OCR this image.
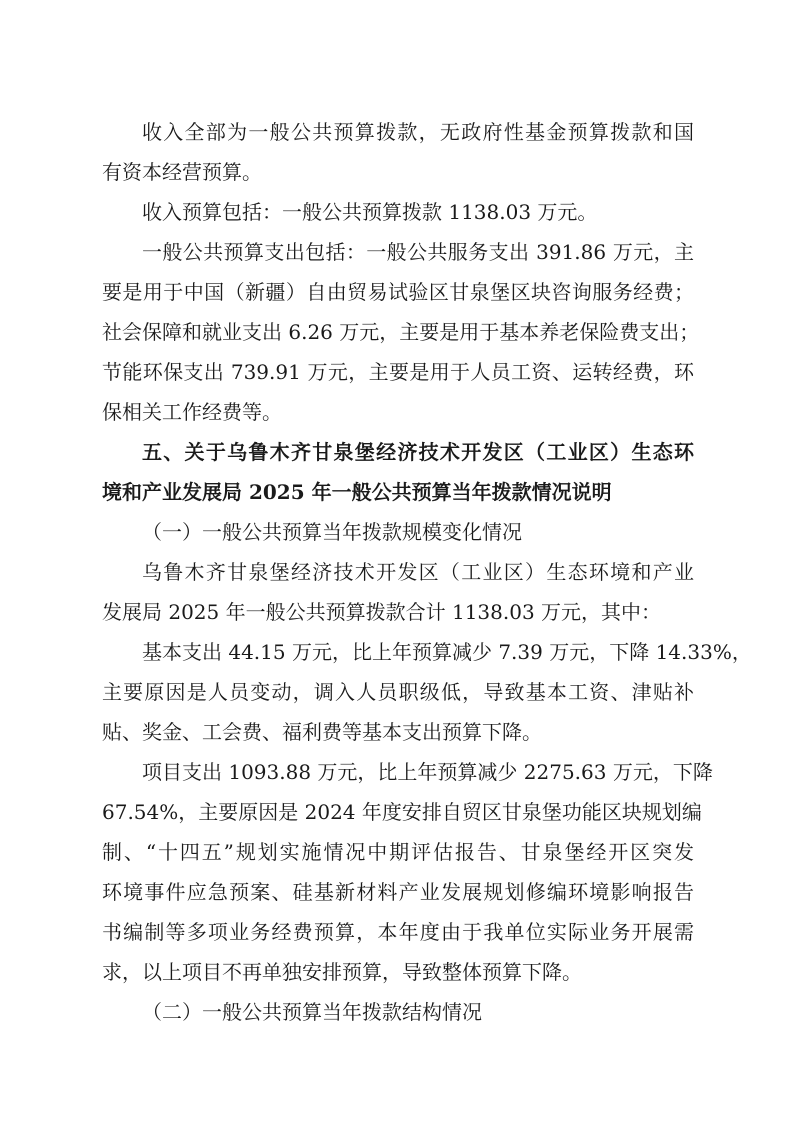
收入全部为一般公共预算拨款，无政府性基金预算拨款和国
有资本经营预算。
收入预算包括：一般公共预算拨款 1138.03 万元。
一般公共预算支出包括：一般公共服务支出 391.86 万元，主
要是用于中国（新疆）自由贸易试验区甘泉堡区块咨询服务经费；
社会保障和就业支出 6.26 万元，主要是用于基本养老保险费支出；
节能环保支出 739.91 万元，主要是用于人员工资、运转经费，环
保相关工作经费等。
五、关于乌鲁木齐甘泉堡经济技术开发区（工业区）生态环
境和产业发展局 2025 年一般公共预算当年拨款情况说明
（一）一般公共预算当年拨款规模变化情况
乌鲁木齐甘泉堡经济技术开发区（工业区）生态环境和产业
发展局 2025 年一般公共预算拨款合计 1138.03 万元，其中：
基本支出 44.15 万元，比上年预算减少 7.39 万元，下降 14.33%，
主要原因是人员变动，调入人员职级低，导致基本工资、津贴补
贴、奖金、工会费、福利费等基本支出预算下降。
项目支出 1093.88 万元，比上年预算减少 2275.63 万元，下降
67.54%，主要原因是 2024 年度安排自贸区甘泉堡功能区块规划编
制、“十四五”规划实施情况中期评估报告、甘泉堡经开区突发
环境事件应急预案、硅基新材料产业发展规划修编环境影响报告
书编制等多项业务经费预算，本年度由于我单位实际业务开展需
求，以上项目不再单独安排预算，导致整体预算下降。
（二）一般公共预算当年拨款结构情况
